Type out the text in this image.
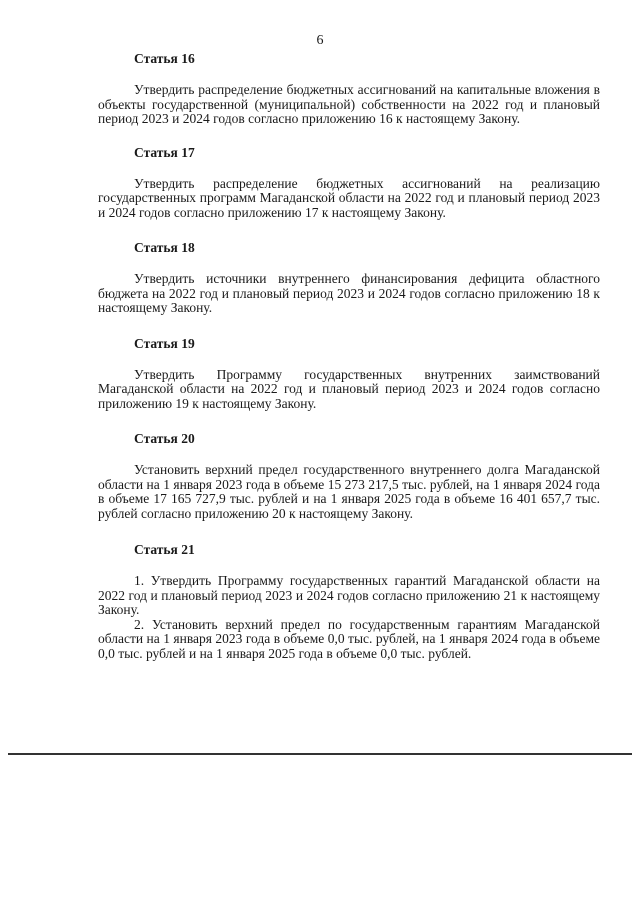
6

Статья 16

Утвердить распределение бюджетных ассигнований на капитальные вложения в объекты государственной (муниципальной) собственности на 2022 год и плановый период 2023 и 2024 годов согласно приложению 16 к настоящему Закону.

Статья 17

Утвердить распределение бюджетных ассигнований на реализацию государственных программ Магаданской области на 2022 год и плановый период 2023 и 2024 годов согласно приложению 17 к настоящему Закону.

Статья 18

Утвердить источники внутреннего финансирования дефицита областного бюджета на 2022 год и плановый период 2023 и 2024 годов согласно приложению 18 к настоящему Закону.

Статья 19

Утвердить Программу государственных внутренних заимствований Магаданской области на 2022 год и плановый период 2023 и 2024 годов согласно приложению 19 к настоящему Закону.

Статья 20

Установить верхний предел государственного внутреннего долга Магаданской области на 1 января 2023 года в объеме 15 273 217,5 тыс. рублей, на 1 января 2024 года в объеме 17 165 727,9 тыс. рублей и на 1 января 2025 года в объеме 16 401 657,7 тыс. рублей согласно приложению 20 к настоящему Закону.

Статья 21

1. Утвердить Программу государственных гарантий Магаданской области на 2022 год и плановый период 2023 и 2024 годов согласно приложению 21 к настоящему Закону.

2. Установить верхний предел по государственным гарантиям Магаданской области на 1 января 2023 года в объеме 0,0 тыс. рублей, на 1 января 2024 года в объеме 0,0 тыс. рублей и на 1 января 2025 года в объеме 0,0 тыс. рублей.
